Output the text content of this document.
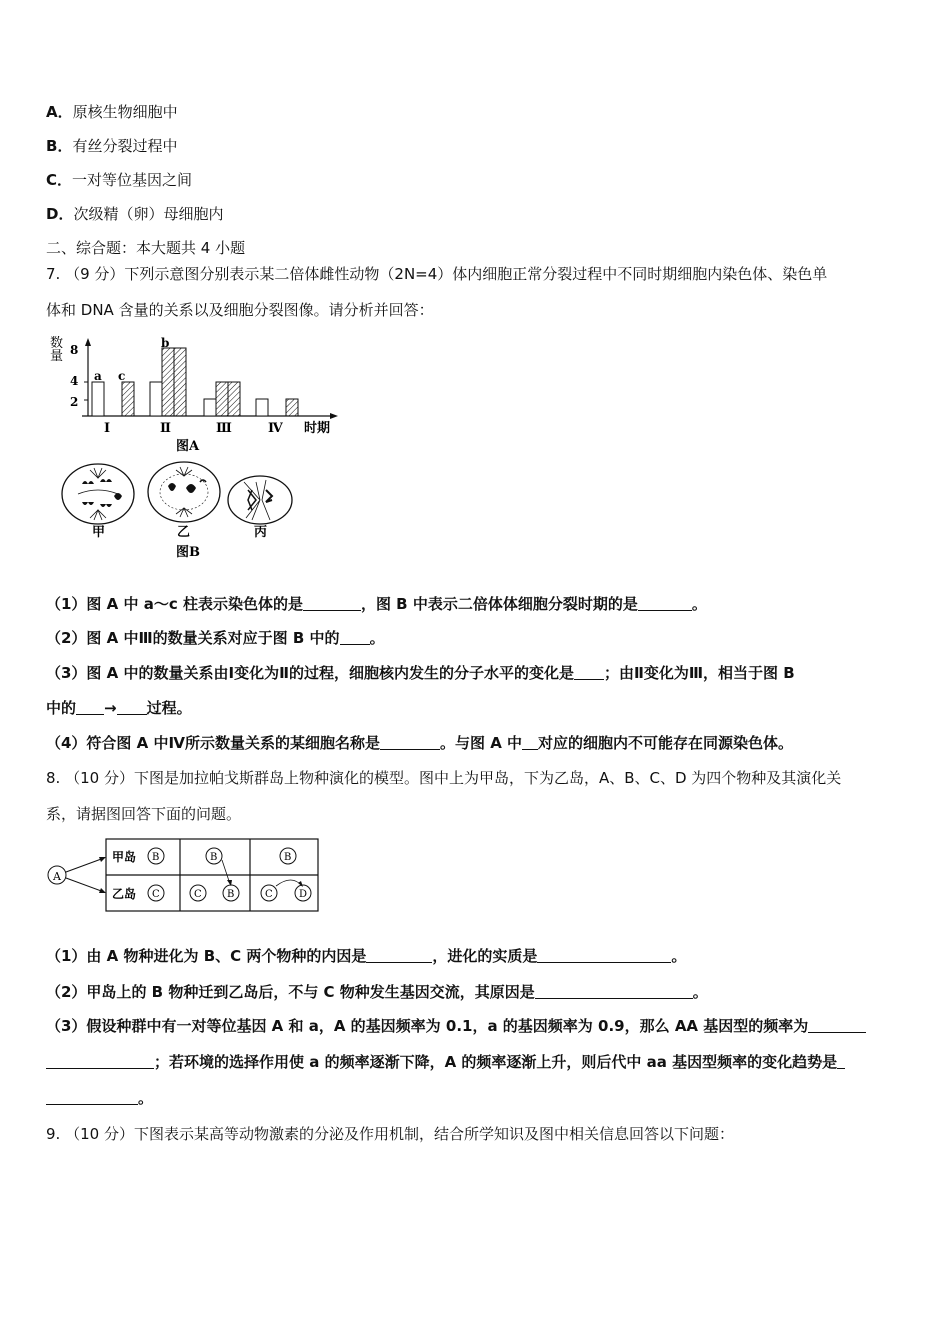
A．原核生物细胞中
B．有丝分裂过程中
C．一对等位基因之间
D．次级精（卵）母细胞内
二、综合题：本大题共 4 小题
7. （9 分）下列示意图分别表示某二倍体雌性动物（2N=4）体内细胞正常分裂过程中不同时期细胞内染色体、染色单
体和 DNA 含量的关系以及细胞分裂图像。请分析并回答：
数
量 8
4
2
a
b
c
Ⅰ	Ⅱ	Ⅲ	Ⅳ 时期
图A
甲	乙	丙
图B
（1）图 A 中 a～c 柱表示染色体的是	，图 B 中表示二倍体体细胞分裂时期的是	。
（2）图 A 中Ⅲ的数量关系对应于图 B 中的 。
（3）图 A 中的数量关系由Ⅰ变化为Ⅱ的过程，细胞核内发生的分子水平的变化是 ；由Ⅱ变化为Ⅲ，相当于图 B
中的 → 过程。
（4）符合图 A 中Ⅳ所示数量关系的某细胞名称是	。与图 A 中 对应的细胞内不可能存在同源染色体。
8. （10 分）下图是加拉帕戈斯群岛上物种演化的模型。图中上为甲岛，下为乙岛，A、B、C、D 为四个物种及其演化关
系，请据图回答下面的问题。
A
甲岛
乙岛
B
C
B
C	B
B
C	D
（1）由 A 物种进化为 B、C 两个物种的内因是	，进化的实质是	。
（2）甲岛上的 B 物种迁到乙岛后，不与 C 物种发生基因交流，其原因是	。
（3）假设种群中有一对等位基因 A 和 a，A 的基因频率为 0.1，a 的基因频率为 0.9，那么 AA 基因型的频率为
；若环境的选择作用使 a 的频率逐渐下降，A 的频率逐渐上升，则后代中 aa 基因型频率的变化趋势是
。
9. （10 分）下图表示某高等动物激素的分泌及作用机制，结合所学知识及图中相关信息回答以下问题：
